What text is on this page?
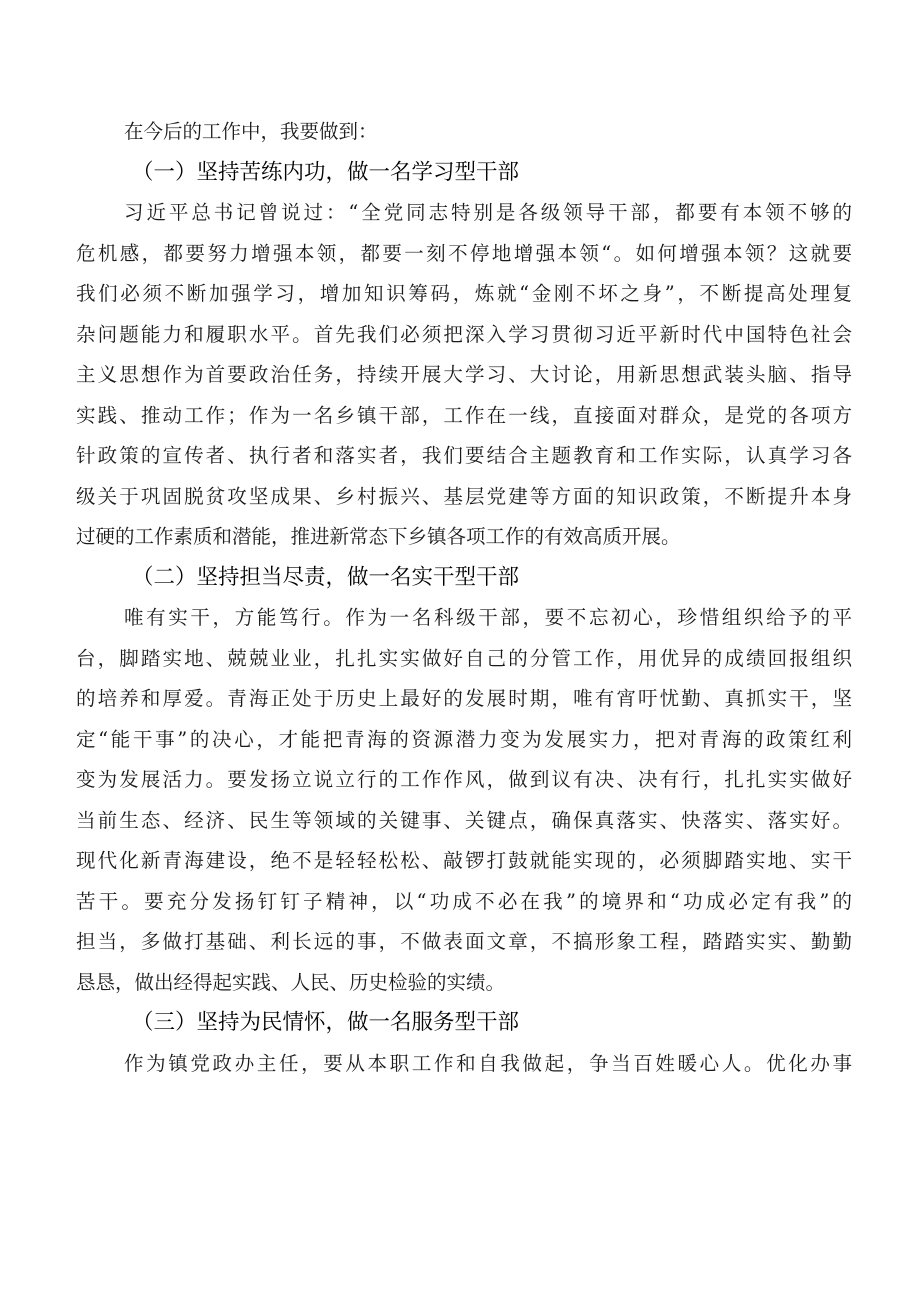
在今后的工作中，我要做到：
（一）坚持苦练内功，做一名学习型干部
习近平总书记曾说过：“全党同志特别是各级领导干部，都要有本领不够的
危机感，都要努力增强本领，都要一刻不停地增强本领“。如何增强本领？这就要
我们必须不断加强学习，增加知识筹码，炼就“金刚不坏之身”，不断提高处理复
杂问题能力和履职水平。首先我们必须把深入学习贯彻习近平新时代中国特色社会
主义思想作为首要政治任务，持续开展大学习、大讨论，用新思想武装头脑、指导
实践、推动工作；作为一名乡镇干部，工作在一线，直接面对群众，是党的各项方
针政策的宣传者、执行者和落实者，我们要结合主题教育和工作实际，认真学习各
级关于巩固脱贫攻坚成果、乡村振兴、基层党建等方面的知识政策，不断提升本身
过硬的工作素质和潜能，推进新常态下乡镇各项工作的有效高质开展。
（二）坚持担当尽责，做一名实干型干部
唯有实干，方能笃行。作为一名科级干部，要不忘初心，珍惜组织给予的平
台，脚踏实地、兢兢业业，扎扎实实做好自己的分管工作，用优异的成绩回报组织
的培养和厚爱。青海正处于历史上最好的发展时期，唯有宵吁忧勤、真抓实干，坚
定“能干事”的决心，才能把青海的资源潜力变为发展实力，把对青海的政策红利
变为发展活力。要发扬立说立行的工作作风，做到议有决、决有行，扎扎实实做好
当前生态、经济、民生等领域的关键事、关键点，确保真落实、快落实、落实好。
现代化新青海建设，绝不是轻轻松松、敲锣打鼓就能实现的，必须脚踏实地、实干
苦干。要充分发扬钉钉子精神，以“功成不必在我”的境界和“功成必定有我”的
担当，多做打基础、利长远的事，不做表面文章，不搞形象工程，踏踏实实、勤勤
恳恳，做出经得起实践、人民、历史检验的实绩。
（三）坚持为民情怀，做一名服务型干部
作为镇党政办主任，要从本职工作和自我做起，争当百姓暖心人。优化办事
